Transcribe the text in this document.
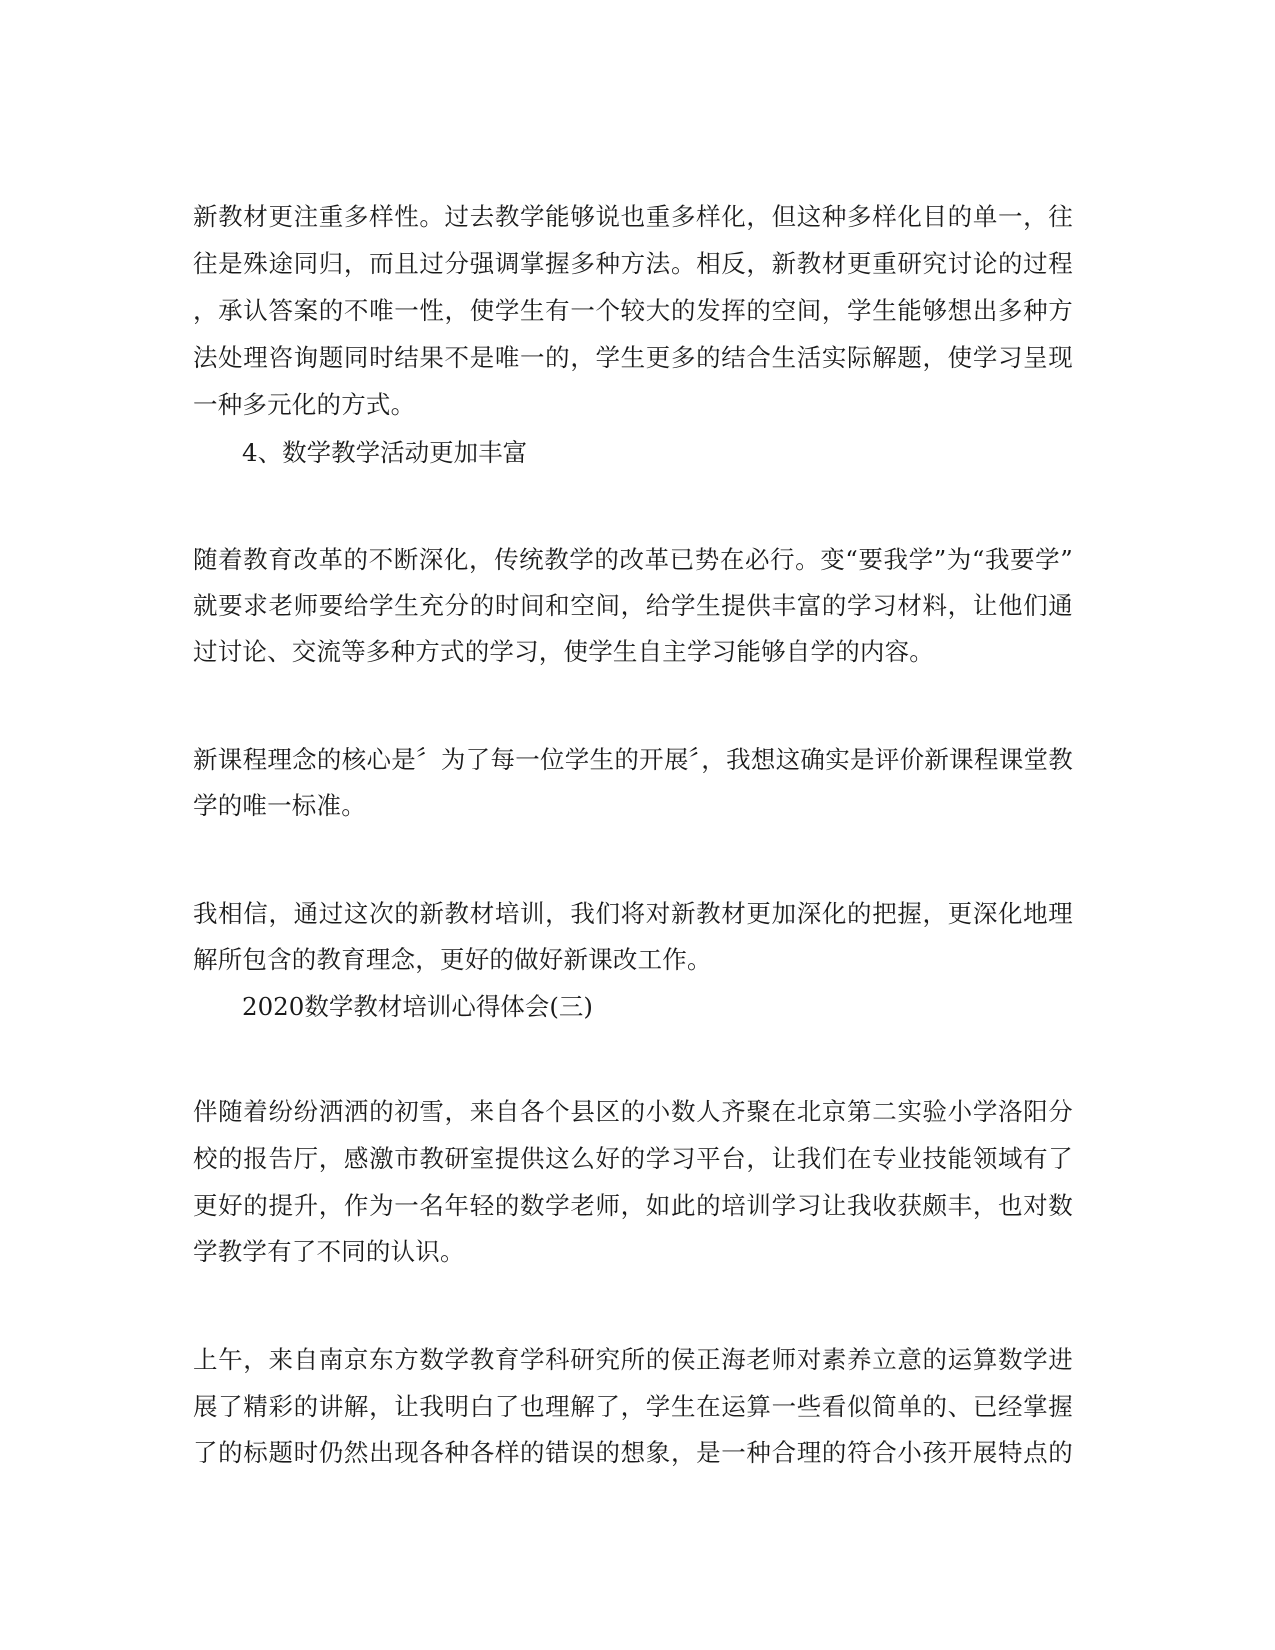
新教材更注重多样性。过去教学能够说也重多样化，但这种多样化目的单一，往
往是殊途同归，而且过分强调掌握多种方法。相反，新教材更重研究讨论的过程
，承认答案的不唯一性，使学生有一个较大的发挥的空间，学生能够想出多种方
法处理咨询题同时结果不是唯一的，学生更多的结合生活实际解题，使学习呈现
一种多元化的方式。
4、数学教学活动更加丰富
随着教育改革的不断深化，传统教学的改革已势在必行。变“要我学”为“我要学”
就要求老师要给学生充分的时间和空间，给学生提供丰富的学习材料，让他们通
过讨论、交流等多种方式的学习，使学生自主学习能够自学的内容。
新课程理念的核心是〞为了每一位学生的开展〞，我想这确实是评价新课程课堂教
学的唯一标准。
我相信，通过这次的新教材培训，我们将对新教材更加深化的把握，更深化地理
解所包含的教育理念，更好的做好新课改工作。
2020数学教材培训心得体会(三)
伴随着纷纷洒洒的初雪，来自各个县区的小数人齐聚在北京第二实验小学洛阳分
校的报告厅，感激市教研室提供这么好的学习平台，让我们在专业技能领域有了
更好的提升，作为一名年轻的数学老师，如此的培训学习让我收获颇丰，也对数
学教学有了不同的认识。
上午，来自南京东方数学教育学科研究所的侯正海老师对素养立意的运算数学进
展了精彩的讲解，让我明白了也理解了，学生在运算一些看似简单的、已经掌握
了的标题时仍然出现各种各样的错误的想象，是一种合理的符合小孩开展特点的
